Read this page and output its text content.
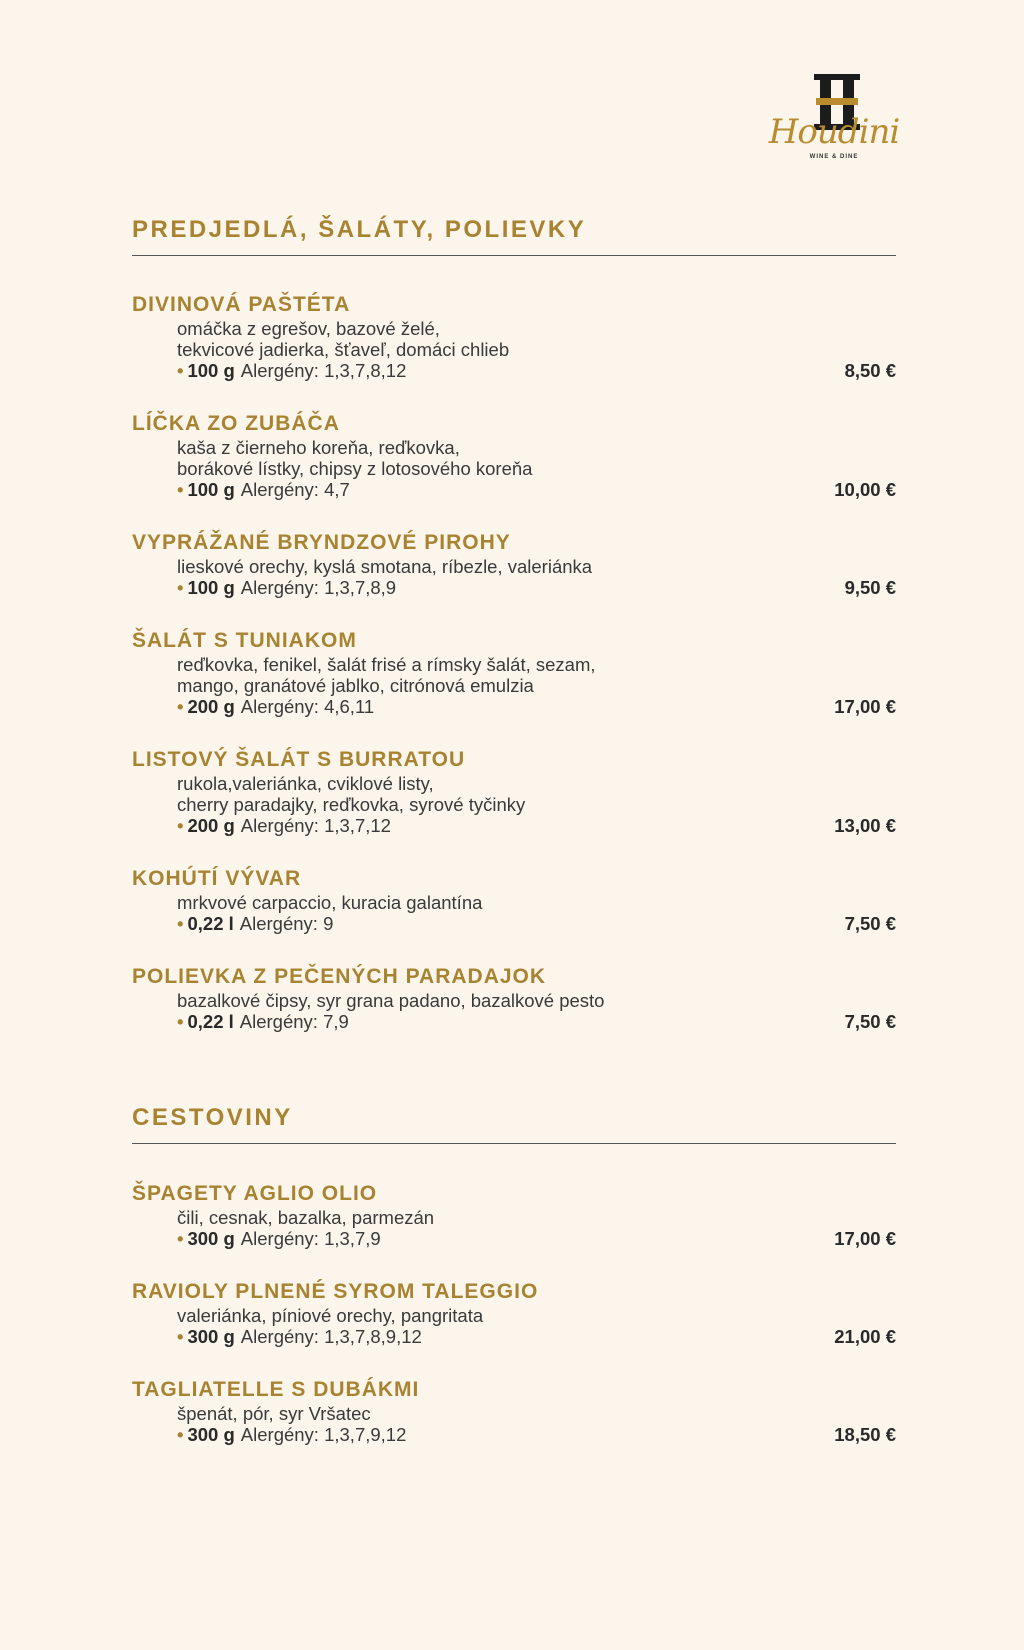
Houdini
WINE & DINE
PREDJEDLÁ, ŠALÁTY, POLIEVKY
DIVINOVÁ PAŠTÉTA
omáčka z egrešov, bazové želé,
tekvicové jadierka, šťaveľ, domáci chlieb
• 100 g Alergény: 1,3,7,8,12	8,50 €
LÍČKA ZO ZUBÁČA
kaša z čierneho koreňa, reďkovka,
borákové lístky, chipsy z lotosového koreňa
• 100 g Alergény: 4,7	10,00 €
VYPRÁŽANÉ BRYNDZOVÉ PIROHY
lieskové orechy, kyslá smotana, ríbezle, valeriánka
• 100 g Alergény: 1,3,7,8,9	9,50 €
ŠALÁT S TUNIAKOM
reďkovka, fenikel, šalát frisé a rímsky šalát, sezam,
mango, granátové jablko, citrónová emulzia
• 200 g Alergény: 4,6,11	17,00 €
LISTOVÝ ŠALÁT S BURRATOU
rukola,valeriánka, cviklové listy,
cherry paradajky, reďkovka, syrové tyčinky
• 200 g Alergény: 1,3,7,12	13,00 €
KOHÚTÍ VÝVAR
mrkvové carpaccio, kuracia galantína
• 0,22 l Alergény: 9	7,50 €
POLIEVKA Z PEČENÝCH PARADAJOK
bazalkové čipsy, syr grana padano, bazalkové pesto
• 0,22 l Alergény: 7,9	7,50 €
CESTOVINY
ŠPAGETY AGLIO OLIO
čili, cesnak, bazalka, parmezán
• 300 g Alergény: 1,3,7,9	17,00 €
RAVIOLY PLNENÉ SYROM TALEGGIO
valeriánka, píniové orechy, pangritata
• 300 g Alergény: 1,3,7,8,9,12	21,00 €
TAGLIATELLE S DUBÁKMI
špenát, pór, syr Vršatec
• 300 g Alergény: 1,3,7,9,12	18,50 €
